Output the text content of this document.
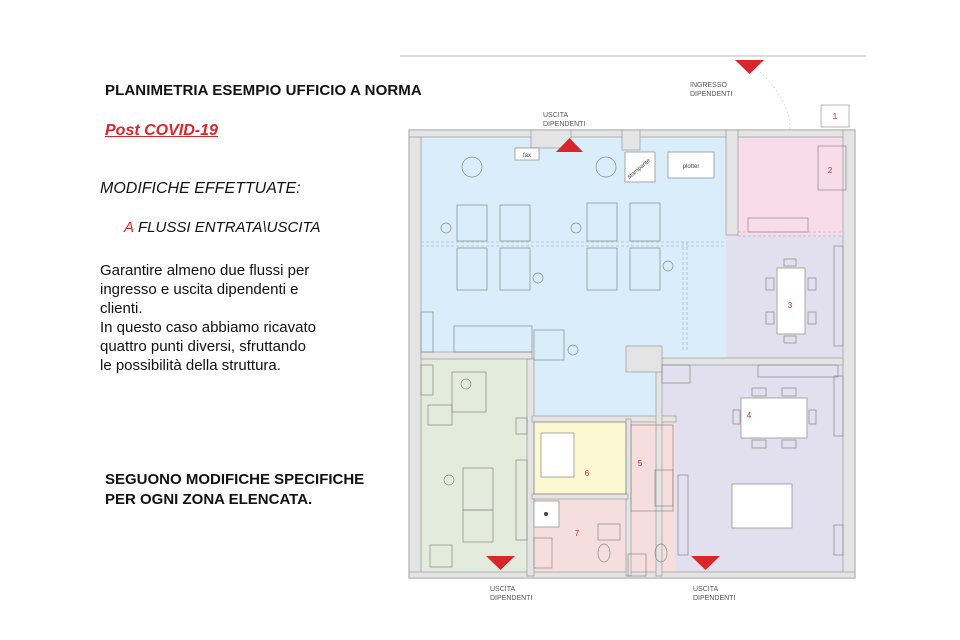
PLANIMETRIA ESEMPIO UFFICIO A NORMA
Post COVID-19
MODIFICHE EFFETTUATE:
A FLUSSI ENTRATA\USCITA

Garantire almeno due flussi per

ingresso e uscita dipendenti e

clienti.

In questo caso abbiamo ricavato

quattro punti diversi, sfruttando

le possibilità della struttura.

SEGUONO MODIFICHE SPECIFICHE
PER OGNI ZONA ELENCATA.
fax
stampante	plotter
1
2
3
4
5
6
7
USCITA
DIPENDENTI
INGRESSO
DIPENDENTI
USCITA
DIPENDENTI
USCITA
DIPENDENTI
